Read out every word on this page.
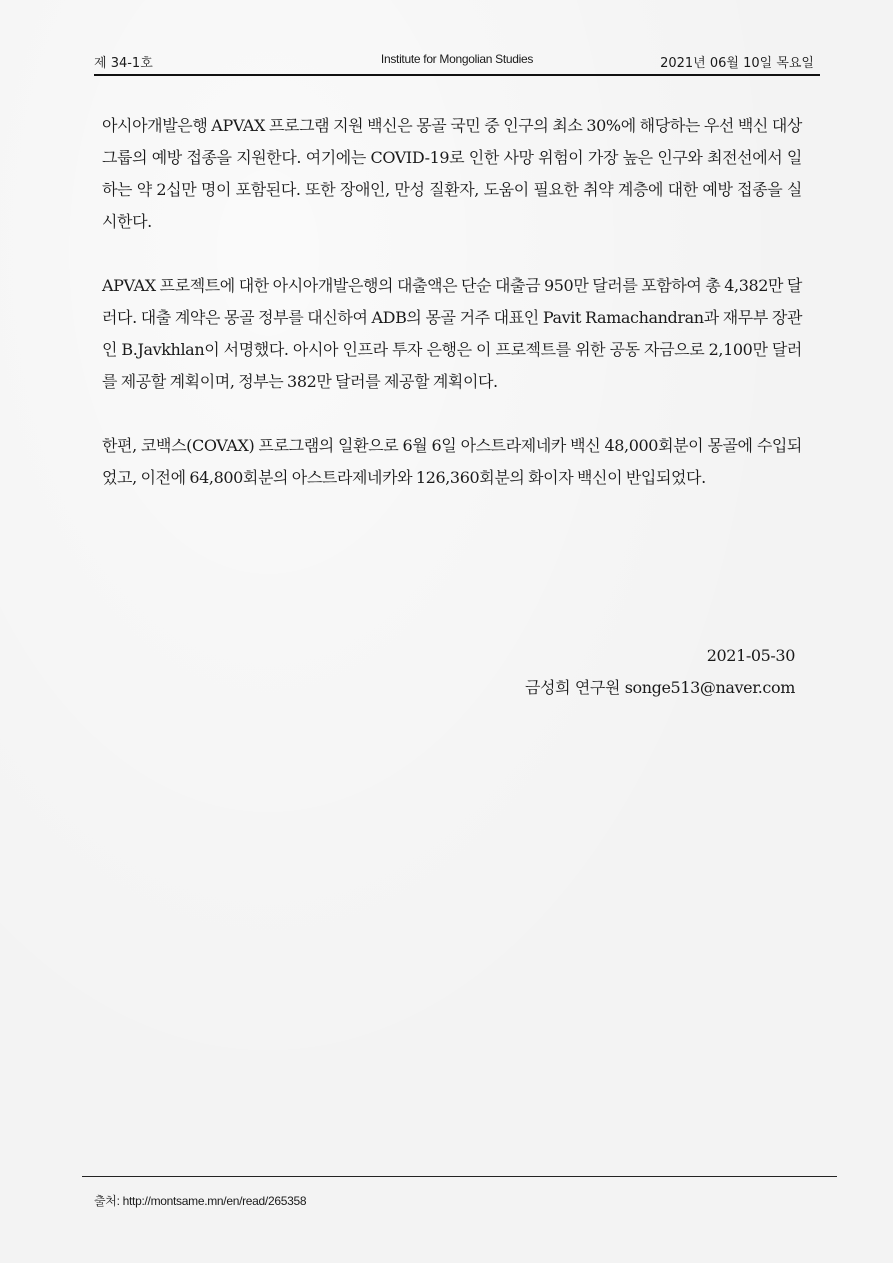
제 34-1호	Institute for Mongolian Studies	2021년 06월 10일 목요일

아시아개발은행 APVAX 프로그램 지원 백신은 몽골 국민 중 인구의 최소 30%에 해당하는 우선 백신 대상 그룹의 예방 접종을 지원한다. 여기에는 COVID-19로 인한 사망 위험이 가장 높은 인구와 최전선에서 일하는 약 2십만 명이 포함된다. 또한 장애인, 만성 질환자, 도움이 필요한 취약 계층에 대한 예방 접종을 실시한다.

APVAX 프로젝트에 대한 아시아개발은행의 대출액은 단순 대출금 950만 달러를 포함하여 총 4,382만 달러다. 대출 계약은 몽골 정부를 대신하여 ADB의 몽골 거주 대표인 Pavit Ramachandran과 재무부 장관인 B.Javkhlan이 서명했다. 아시아 인프라 투자 은행은 이 프로젝트를 위한 공동 자금으로 2,100만 달러를 제공할 계획이며, 정부는 382만 달러를 제공할 계획이다.

한편, 코백스(COVAX) 프로그램의 일환으로 6월 6일 아스트라제네카 백신 48,000회분이 몽골에 수입되었고, 이전에 64,800회분의 아스트라제네카와 126,360회분의 화이자 백신이 반입되었다.

2021-05-30
금성희 연구원 songe513@naver.com
출처: http://montsame.mn/en/read/265358
